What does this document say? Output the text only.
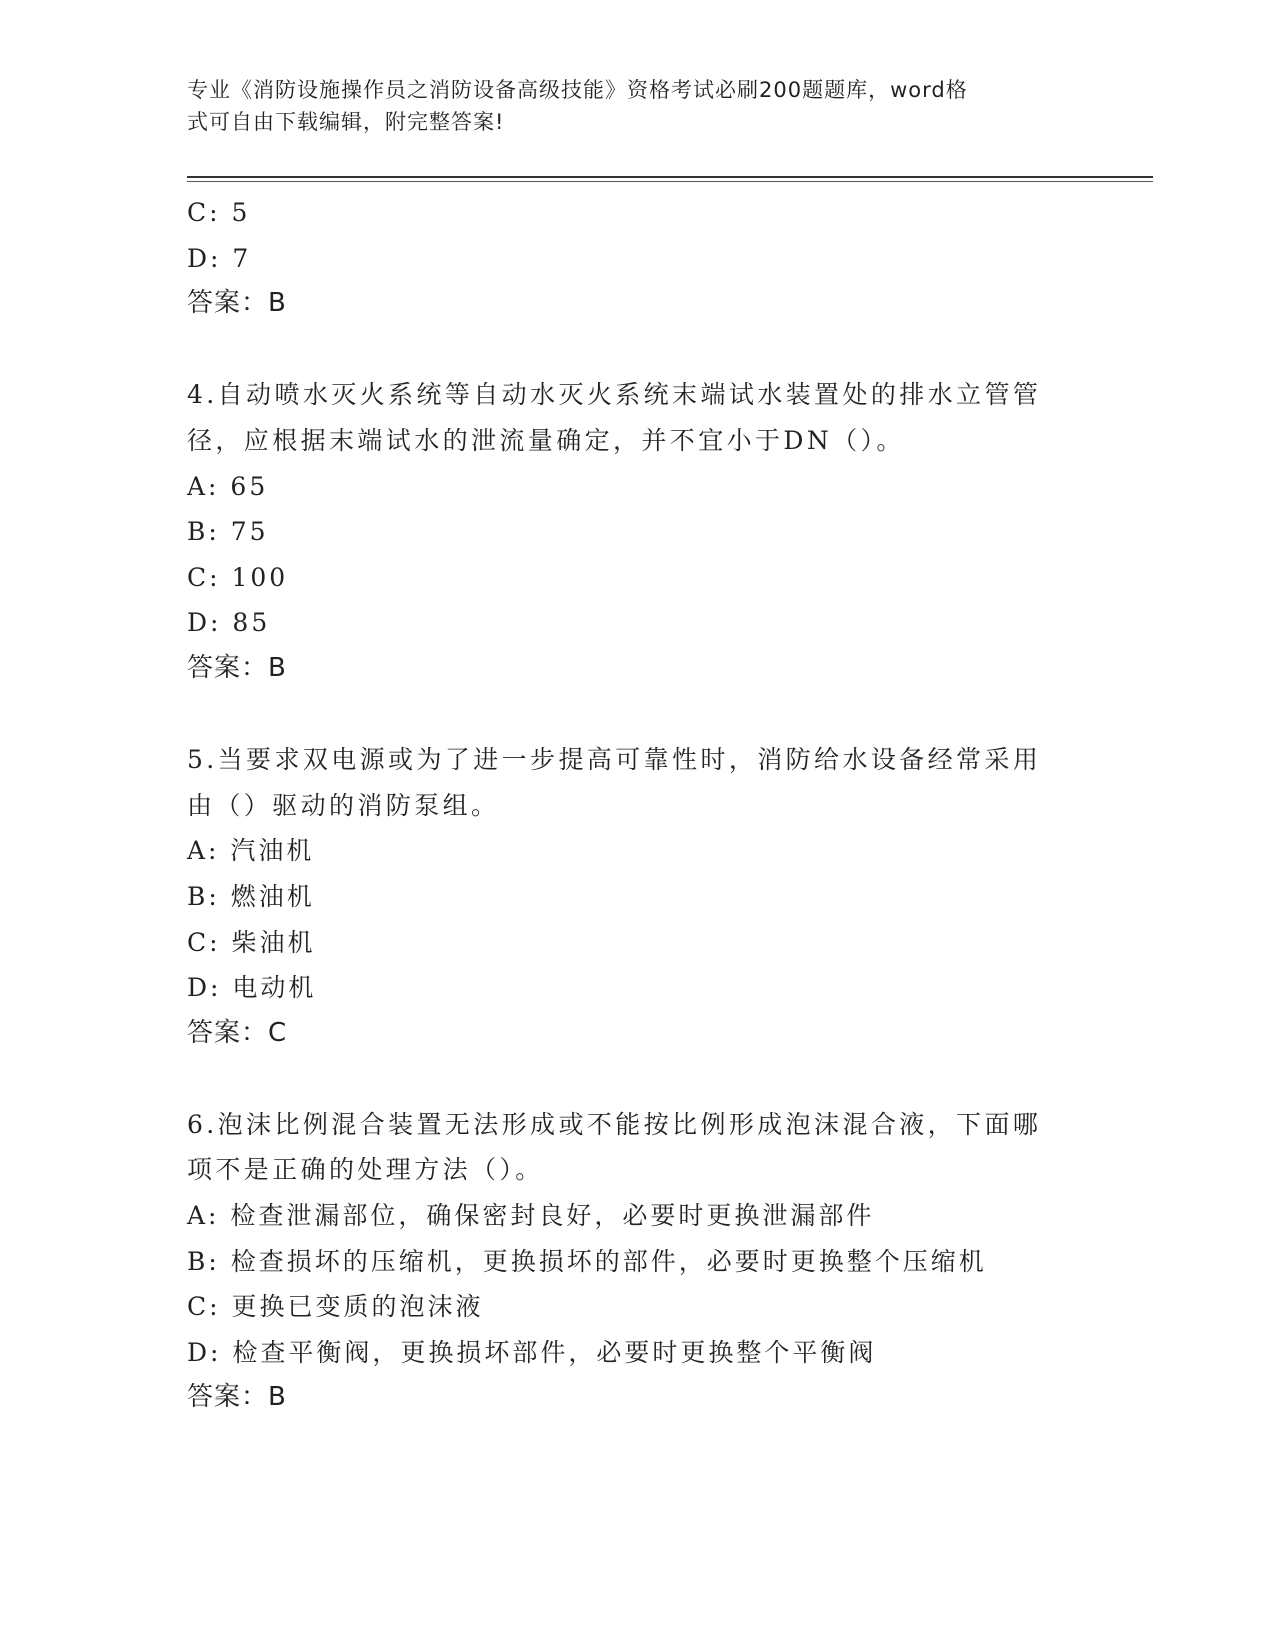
专业《消防设施操作员之消防设备高级技能》资格考试必刷200题题库，word格
式可自由下载编辑，附完整答案!
C: 5
D: 7
答案：B
4.自动喷水灭火系统等自动水灭火系统末端试水装置处的排水立管管
径，应根据末端试水的泄流量确定，并不宜小于DN（）。
A: 65
B: 75
C: 100
D: 85
答案：B
5.当要求双电源或为了进一步提高可靠性时，消防给水设备经常采用
由（）驱动的消防泵组。
A: 汽油机
B: 燃油机
C: 柴油机
D: 电动机
答案：C
6.泡沫比例混合装置无法形成或不能按比例形成泡沫混合液，下面哪
项不是正确的处理方法（）。
A: 检查泄漏部位，确保密封良好，必要时更换泄漏部件
B: 检查损坏的压缩机，更换损坏的部件，必要时更换整个压缩机
C: 更换已变质的泡沫液
D: 检查平衡阀，更换损坏部件，必要时更换整个平衡阀
答案：B
